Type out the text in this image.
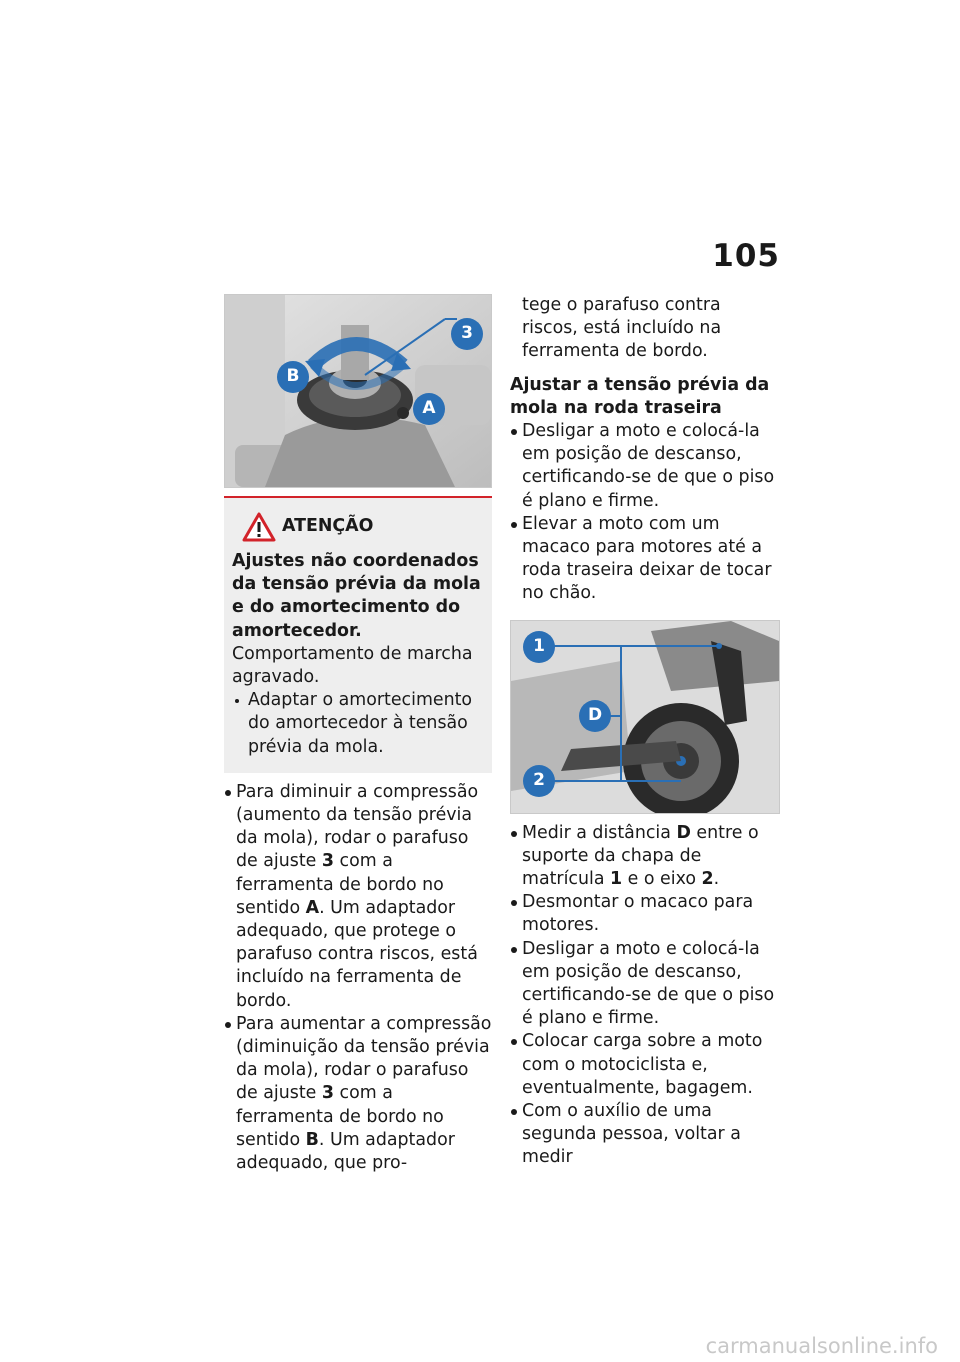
105
3
B
A
ATENÇÃO

Ajustes não coordenados da tensão prévia da mola e do amortecimento do amortecedor.

Comportamento de marcha agravado.

Adaptar o amortecimento do amortecedor à tensão prévia da mola.
Para diminuir a compressão (aumento da tensão prévia da mola), rodar o parafuso de ajuste 3 com a ferramenta de bordo no sentido A. Um adaptador adequado, que protege o parafuso contra riscos, está incluído na ferramenta de bordo.
Para aumentar a compressão (diminuição da tensão prévia da mola), rodar o parafuso de ajuste 3 com a ferramenta de bordo no sentido B. Um adaptador adequado, que pro-

tege o parafuso contra riscos, está incluído na ferramenta de bordo.

Ajustar a tensão prévia da mola na roda traseira

Desligar a moto e colocá-la em posição de descanso, certificando-se de que o piso é plano e firme.
Elevar a moto com um macaco para motores até a roda traseira deixar de tocar no chão.
1
D
2
Medir a distância D entre o suporte da chapa de matrícula 1 e o eixo 2.
Desmontar o macaco para motores.
Desligar a moto e colocá-la em posição de descanso, certificando-se de que o piso é plano e firme.
Colocar carga sobre a moto com o motociclista e, eventualmente, bagagem.
Com o auxílio de uma segunda pessoa, voltar a medir
carmanualsonline.info
